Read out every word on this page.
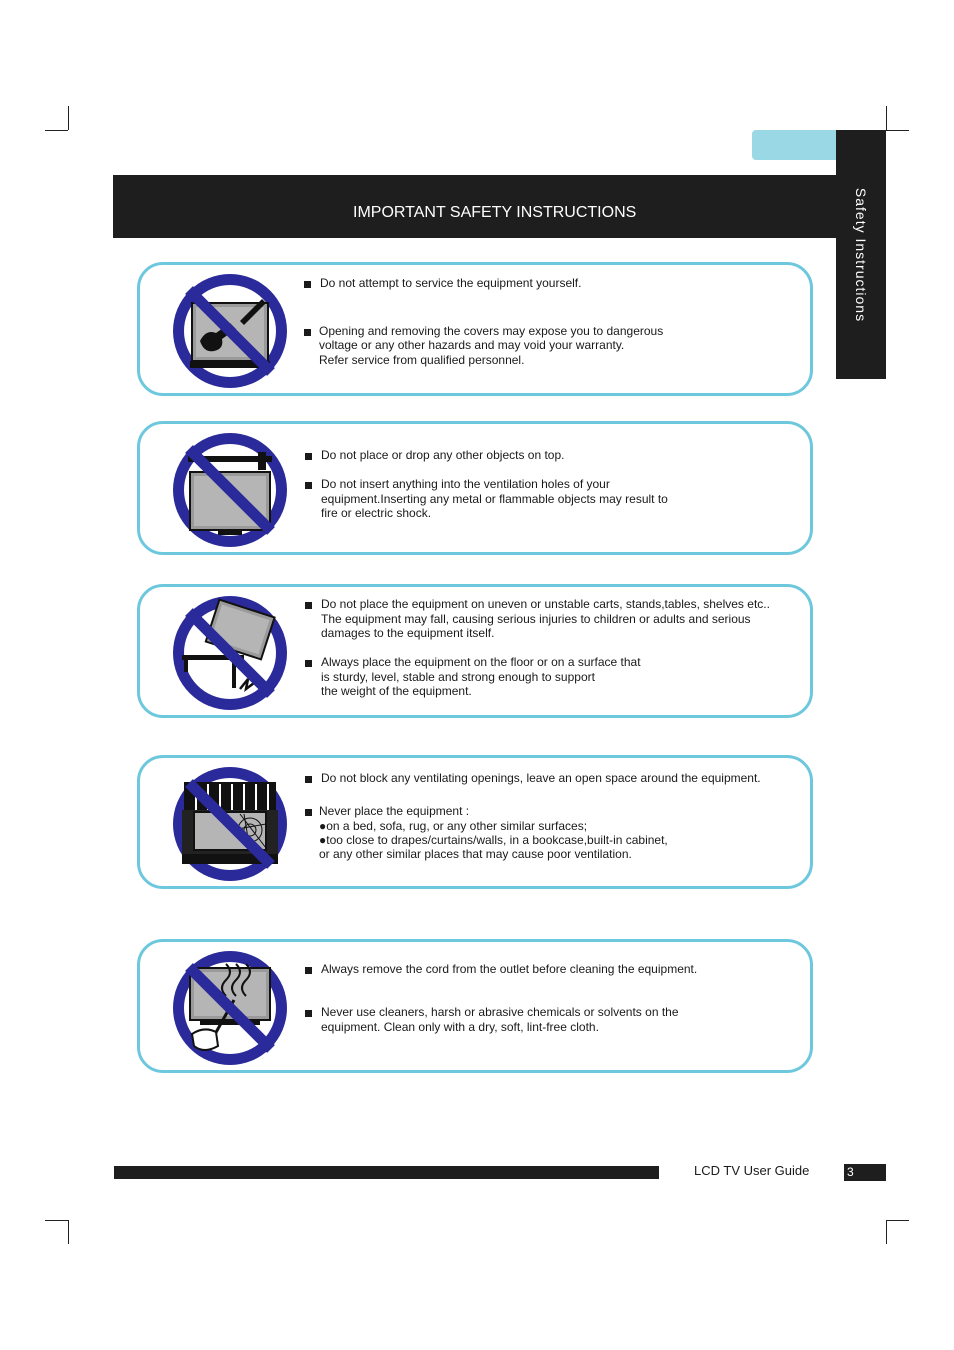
Safety Instructions
IMPORTANT SAFETY INSTRUCTIONS
Do not attempt to service the equipment yourself.
Opening and removing the covers may expose you to dangerous
voltage or any other hazards and may void your warranty.
Refer service from qualified personnel.
Do not place or drop any other objects on top.
Do not insert anything into the ventilation holes of your
equipment.Inserting any metal or flammable objects may result to
fire or electric shock.
Do not place the equipment on uneven or unstable carts, stands,tables, shelves etc..
The equipment may fall, causing serious injuries to children or adults and serious
damages to the equipment itself.
Always place the equipment on the floor or on a surface that
is sturdy, level, stable and strong enough to support
the weight of the equipment.
Do not block any ventilating openings, leave an open space around the equipment.
Never place the equipment :
●on a bed, sofa, rug, or any other similar surfaces;
●too close to drapes/curtains/walls, in a bookcase,built-in cabinet,
or any other similar places that may cause poor ventilation.
Always remove the cord from the outlet before cleaning the equipment.
Never use cleaners, harsh or abrasive chemicals or solvents on the
equipment. Clean only with a dry, soft, lint-free cloth.
LCD TV User Guide	3
